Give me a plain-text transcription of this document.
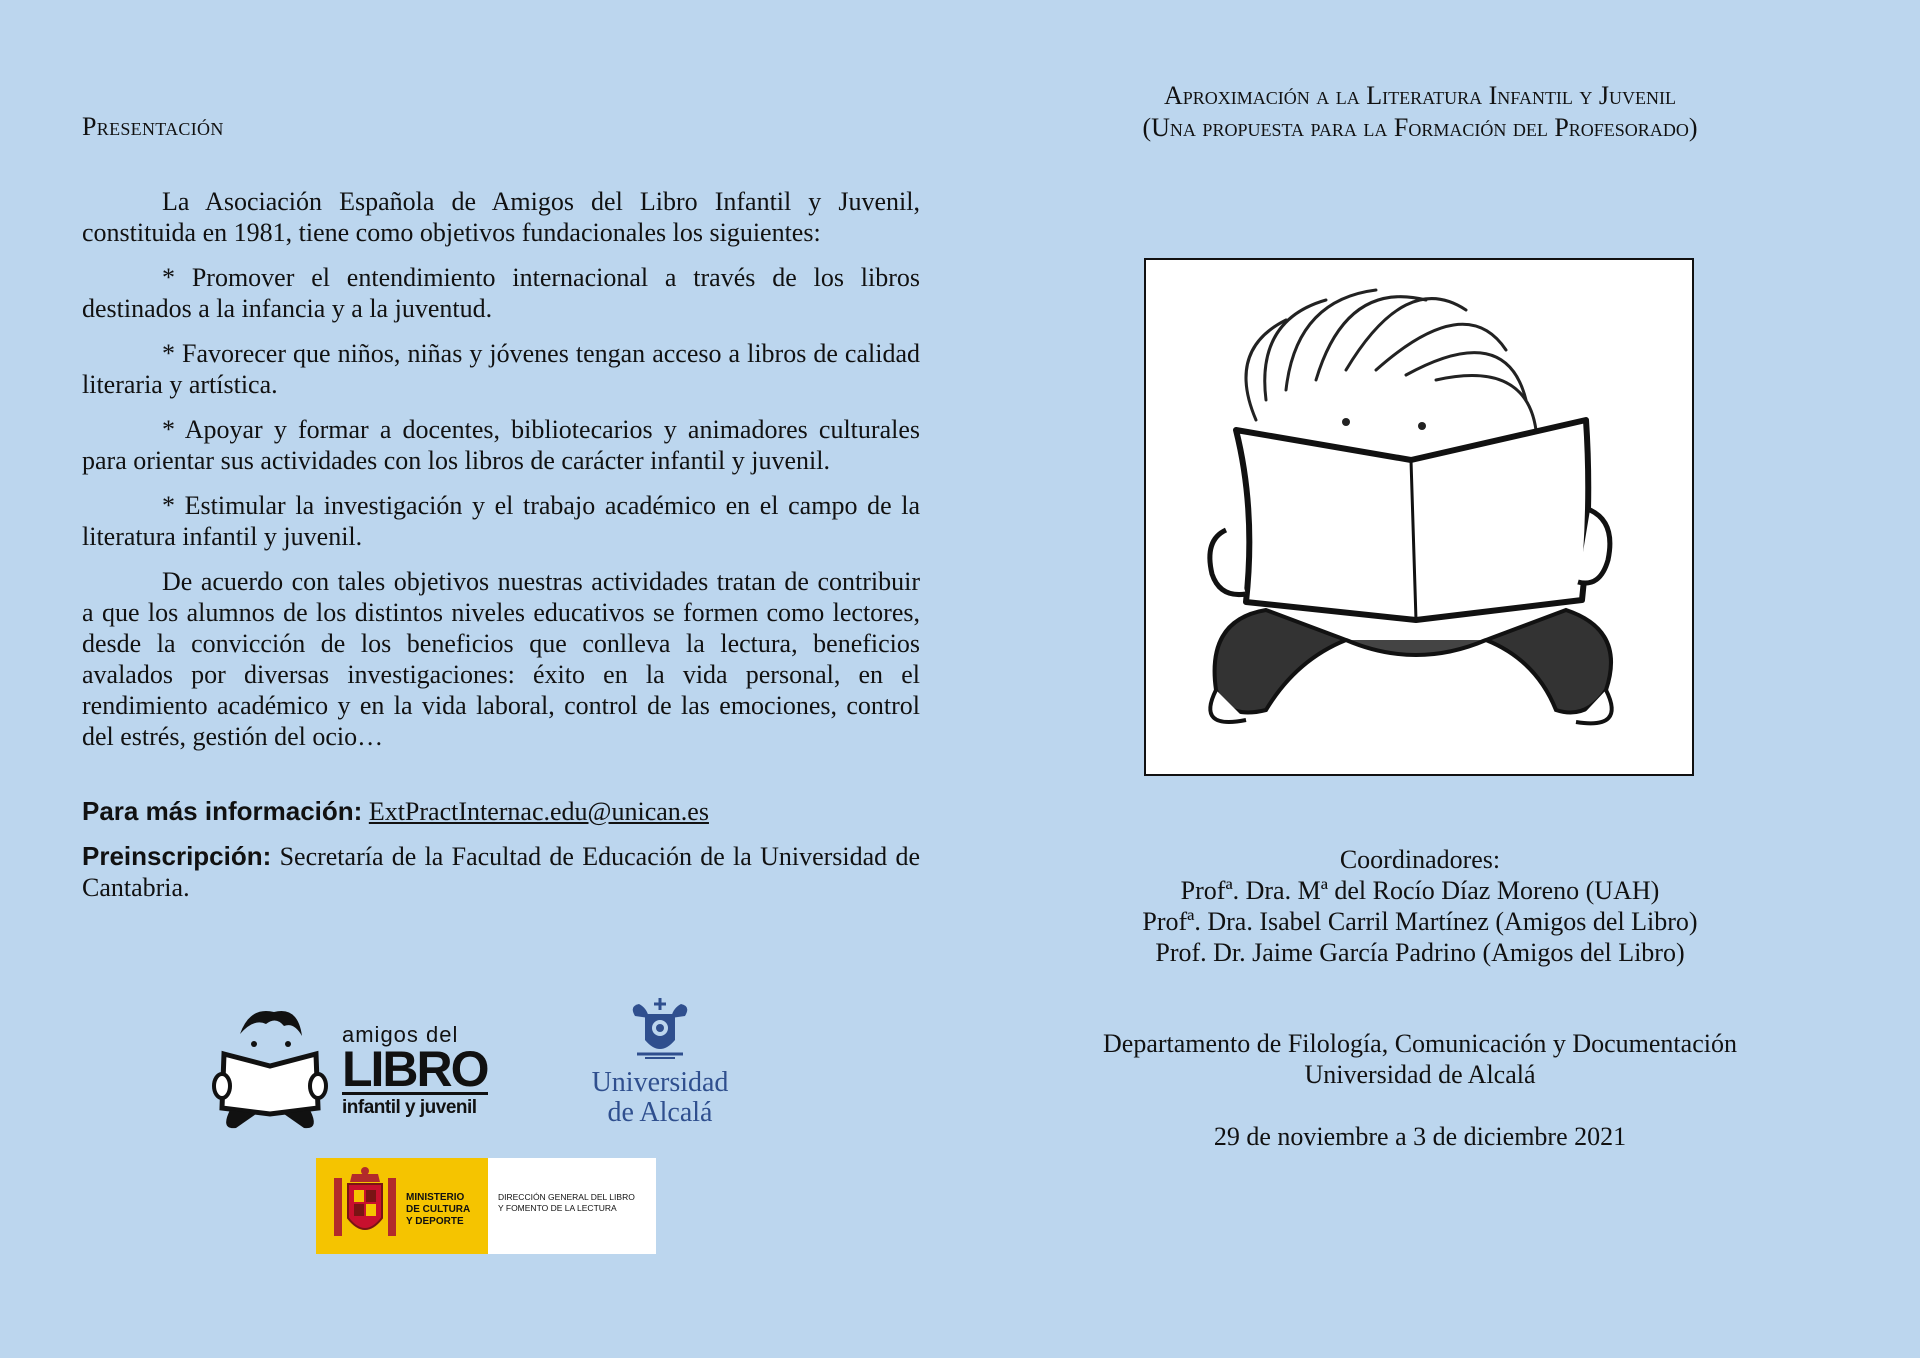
Presentación

La Asociación Española de Amigos del Libro Infantil y Juvenil, constituida en 1981, tiene como objetivos fundacionales los siguientes:

* Promover el entendimiento internacional a través de los libros destinados a la infancia y a la juventud.

* Favorecer que niños, niñas y jóvenes tengan acceso a libros de calidad literaria y artística.

* Apoyar y formar a docentes, bibliotecarios y animadores culturales para orientar sus actividades con los libros de carácter infantil y juvenil.

* Estimular la investigación y el trabajo académico en el campo de la literatura infantil y juvenil.

De acuerdo con tales objetivos nuestras actividades tratan de contribuir a que los alumnos de los distintos niveles educativos se formen como lectores, desde la convicción de los beneficios que conlleva la lectura, beneficios avalados por diversas investigaciones: éxito en la vida personal, en el rendimiento académico y en la vida laboral, control de las emociones, control del estrés, gestión del ocio…

Para más información: ExtPractInternac.edu@unican.es

Preinscripción: Secretaría de la Facultad de Educación de la Universidad de Cantabria.

amigos del
LIBRO
infantil y juvenil
Universidad
de Alcalá
MINISTERIO
DE CULTURA
Y DEPORTE
DIRECCIÓN GENERAL DEL LIBRO
Y FOMENTO DE LA LECTURA

Aproximación a la Literatura Infantil y Juvenil

(Una propuesta para la Formación del Profesorado)

Coordinadores:
Profª. Dra. Mª del Rocío Díaz Moreno (UAH)
Profª. Dra. Isabel Carril Martínez (Amigos del Libro)
Prof. Dr. Jaime García Padrino (Amigos del Libro)
Departamento de Filología, Comunicación y Documentación
Universidad de Alcalá
29 de noviembre a 3 de diciembre 2021
